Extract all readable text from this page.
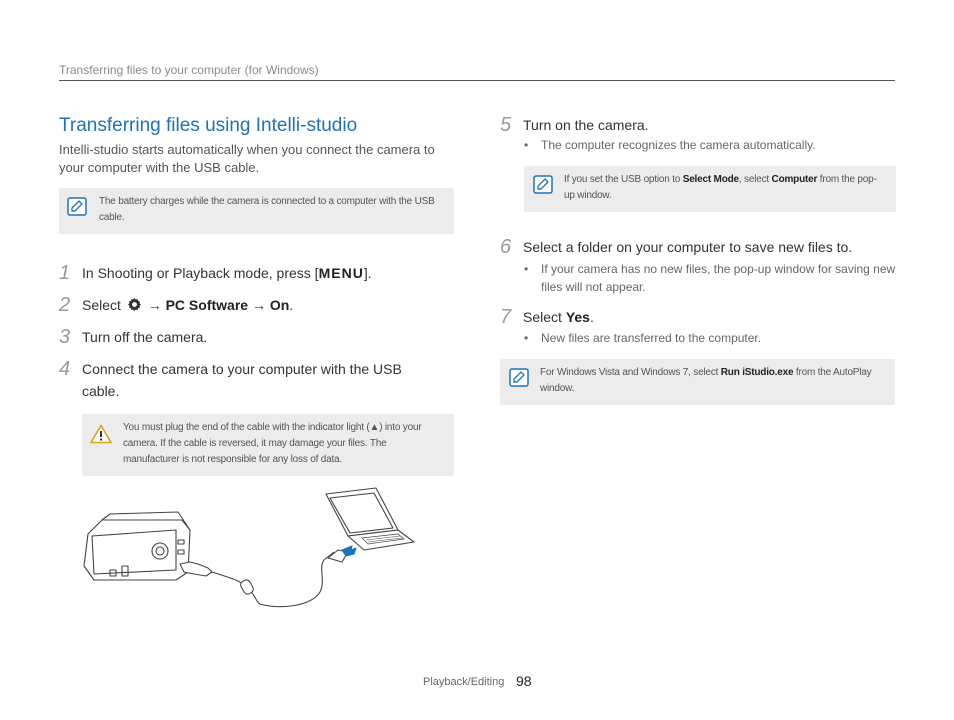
Transferring files to your computer (for Windows)
Transferring files using Intelli-studio
Intelli-studio starts automatically when you connect the camera to your computer with the USB cable.
The battery charges while the camera is connected to a computer with the USB cable.
1 In Shooting or Playback mode, press [MENU].
2 Select  → PC Software → On.
3 Turn off the camera.
4 Connect the camera to your computer with the USB cable.
You must plug the end of the cable with the indicator light (▲) into your camera. If the cable is reversed, it may damage your files. The manufacturer is not responsible for any loss of data.
5 Turn on the camera.
•	The computer recognizes the camera automatically.
If you set the USB option to Select Mode, select Computer from the pop-up window.
6 Select a folder on your computer to save new files to.
•	If your camera has no new files, the pop-up window for saving new files will not appear.
7 Select Yes.
•	New files are transferred to the computer.
For Windows Vista and Windows 7, select Run iStudio.exe from the AutoPlay window.
Playback/Editing 98
